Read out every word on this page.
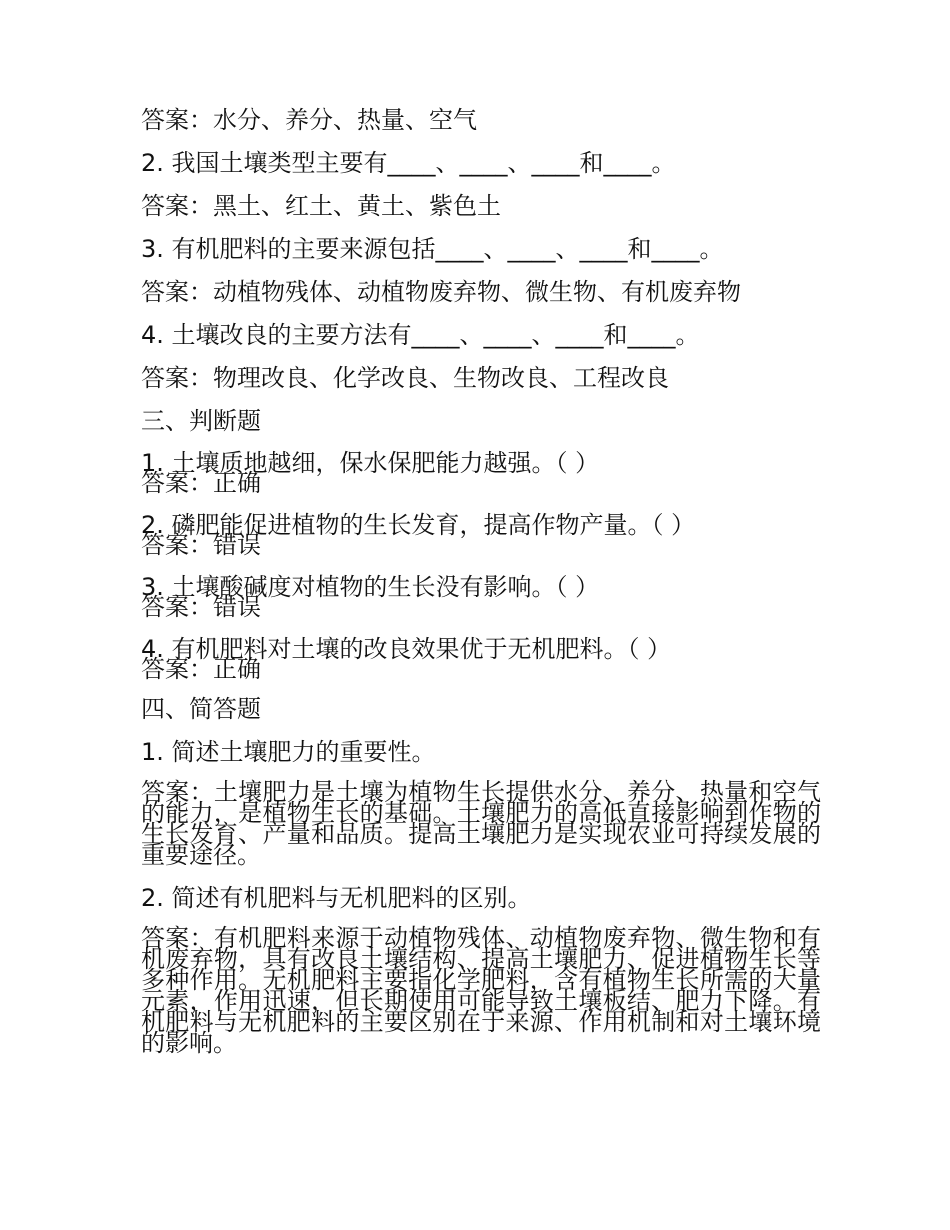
答案：水分、养分、热量、空气

2. 我国土壤类型主要有____、____、____和____。

答案：黑土、红土、黄土、紫色土

3. 有机肥料的主要来源包括____、____、____和____。

答案：动植物残体、动植物废弃物、微生物、有机废弃物

4. 土壤改良的主要方法有____、____、____和____。

答案：物理改良、化学改良、生物改良、工程改良

三、判断题

1. 土壤质地越细，保水保肥能力越强。（ ）

答案：正确

2. 磷肥能促进植物的生长发育，提高作物产量。（ ）

答案：错误

3. 土壤酸碱度对植物的生长没有影响。（ ）

答案：错误

4. 有机肥料对土壤的改良效果优于无机肥料。（ ）

答案：正确

四、简答题

1. 简述土壤肥力的重要性。

答案：土壤肥力是土壤为植物生长提供水分、养分、热量和空气的能力，是植物生长的基础。土壤肥力的高低直接影响到作物的生长发育、产量和品质。提高土壤肥力是实现农业可持续发展的重要途径。

2. 简述有机肥料与无机肥料的区别。

答案：有机肥料来源于动植物残体、动植物废弃物、微生物和有机废弃物，具有改良土壤结构、提高土壤肥力、促进植物生长等多种作用。无机肥料主要指化学肥料，含有植物生长所需的大量元素，作用迅速，但长期使用可能导致土壤板结、肥力下降。有机肥料与无机肥料的主要区别在于来源、作用机制和对土壤环境的影响。
